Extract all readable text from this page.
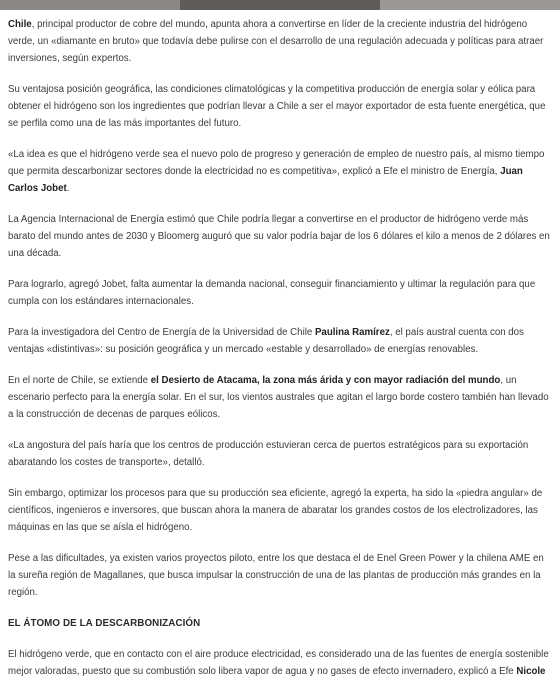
Chile, principal productor de cobre del mundo, apunta ahora a convertirse en líder de la creciente industria del hidrógeno verde, un «diamante en bruto» que todavía debe pulirse con el desarrollo de una regulación adecuada y políticas para atraer inversiones, según expertos.

Su ventajosa posición geográfica, las condiciones climatológicas y la competitiva producción de energía solar y eólica para obtener el hidrógeno son los ingredientes que podrían llevar a Chile a ser el mayor exportador de esta fuente energética, que se perfila como una de las más importantes del futuro.

«La idea es que el hidrógeno verde sea el nuevo polo de progreso y generación de empleo de nuestro país, al mismo tiempo que permita descarbonizar sectores donde la electricidad no es competitiva», explicó a Efe el ministro de Energía, Juan Carlos Jobet.

La Agencia Internacional de Energía estimó que Chile podría llegar a convertirse en el productor de hidrógeno verde más barato del mundo antes de 2030 y Bloomerg auguró que su valor podría bajar de los 6 dólares el kilo a menos de 2 dólares en una década.

Para lograrlo, agregó Jobet, falta aumentar la demanda nacional, conseguir financiamiento y ultimar la regulación para que cumpla con los estándares internacionales.

Para la investigadora del Centro de Energía de la Universidad de Chile Paulina Ramírez, el país austral cuenta con dos ventajas «distintivas»: su posición geográfica y un mercado «estable y desarrollado» de energías renovables.

En el norte de Chile, se extiende el Desierto de Atacama, la zona más árida y con mayor radiación del mundo, un escenario perfecto para la energía solar. En el sur, los vientos australes que agitan el largo borde costero también han llevado a la construcción de decenas de parques eólicos.

«La angostura del país haría que los centros de producción estuvieran cerca de puertos estratégicos para su exportación abaratando los costes de transporte», detalló.

Sin embargo, optimizar los procesos para que su producción sea eficiente, agregó la experta, ha sido la «piedra angular» de científicos, ingenieros e inversores, que buscan ahora la manera de abaratar los grandes costos de los electrolizadores, las máquinas en las que se aísla el hidrógeno.

Pese a las dificultades, ya existen varios proyectos piloto, entre los que destaca el de Enel Green Power y la chilena AME en la sureña región de Magallanes, que busca impulsar la construcción de una de las plantas de producción más grandes en la región.

EL ÁTOMO DE LA DESCARBONIZACIÓN

El hidrógeno verde, que en contacto con el aire produce electricidad, es considerado una de las fuentes de energía sostenible mejor valoradas, puesto que su combustión solo libera vapor de agua y no gases de efecto invernadero, explicó a Efe Nicole
